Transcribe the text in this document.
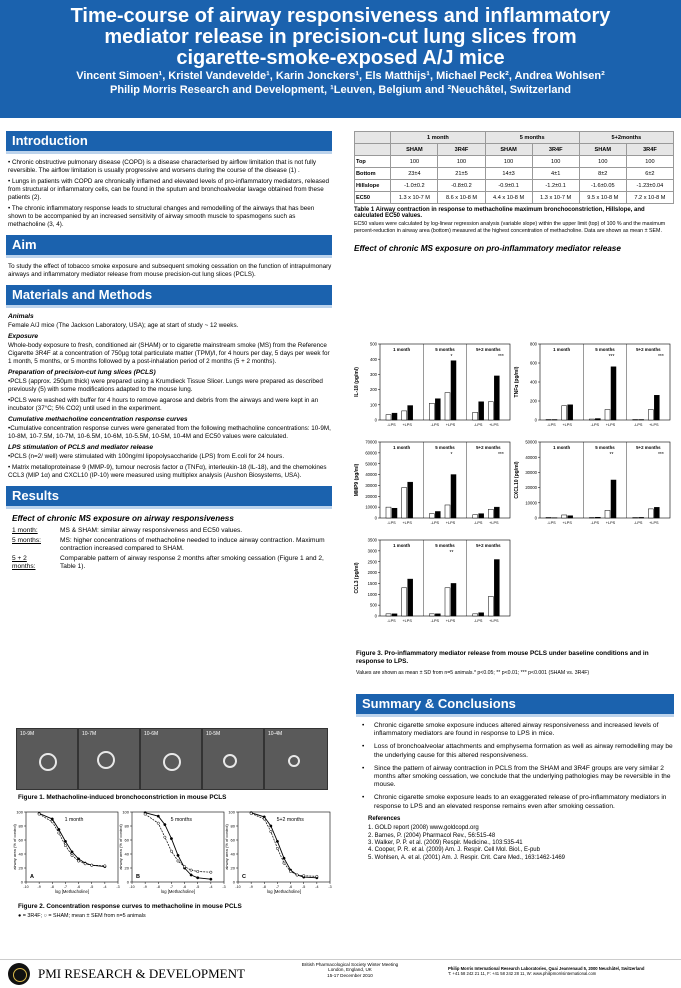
Time-course of airway responsiveness and inflammatory
mediator release in precision-cut lung slices from
cigarette-smoke-exposed A/J mice
Vincent Simoen¹, Kristel Vandevelde¹, Karin Jonckers¹, Els Matthijs¹, Michael Peck², Andrea Wohlsen²
Philip Morris Research and Development, ¹Leuven, Belgium and ²Neuchâtel, Switzerland
Introduction
• Chronic obstructive pulmonary disease (COPD) is a disease characterised by airflow limitation that is not fully reversible. The airflow limitation is usually progressive and worsens during the course of the disease (1) .
• Lungs in patients with COPD are chronically inflamed and elevated levels of pro-inflammatory mediators, released from structural or inflammatory cells, can be found in the sputum and bronchoalveolar lavage obtained from these patients (2).
• The chronic inflammatory response leads to structural changes and remodelling of the airways that has been shown to be accompanied by an increased sensitivity of airway smooth muscle to spasmogens such as methacholine (3, 4).
Aim
To study the effect of tobacco smoke exposure and subsequent smoking cessation on the function of intrapulmonary airways and inflammatory mediator release from mouse precision-cut lung slices (PCLS).
Materials and Methods
Animals
Female A/J mice (The Jackson Laboratory, USA); age at start of study ~ 12 weeks.
Exposure
Whole-body exposure to fresh, conditioned air (SHAM) or to cigarette mainstream smoke (MS) from the Reference Cigarette 3R4F at a concentration of 750µg total particulate matter (TPM)/l, for 4 hours per day, 5 days per week for 1 month, 5 months, or 5 months followed by a post-inhalation period of 2 months (5 + 2 months).
Preparation of precision-cut lung slices (PCLS)
•PCLS (approx. 250µm thick) were prepared using a Krumdieck Tissue Slicer. Lungs were prepared as described previously (5) with some modifications adapted to the mouse lung.
•PCLS were washed with buffer for 4 hours to remove agarose and debris from the airways and were kept in an incubator (37°C; 5% CO2) until used in the experiment.
Cumulative methacholine concentration response curves
•Cumulative concentration response curves were generated from the following methacholine concentrations: 10-9M, 10-8M, 10-7.5M, 10-7M, 10-6.5M, 10-6M, 10-5.5M, 10-5M, 10-4M and EC50 values were calculated.
LPS stimulation of PCLS and mediator release
•PCLS (n=2/ well) were stimulated with 100ng/ml lipopolysaccharide (LPS) from E.coli for 24 hours.
• Matrix metalloproteinase 9 (MMP-9), tumour necrosis factor α (TNFα), interleukin-18 (IL-18), and the chemokines CCL3 (MIP 1α) and CXCL10 (IP-10) were measured using multiplex analysis (Aushon Biosystems, USA).
Results
Effect of chronic MS exposure on airway responsiveness
1 month:	MS & SHAM: similar airway responsiveness and EC50 values.
5 months:	MS: higher concentrations of methacholine needed to induce airway contraction. Maximum contraction increased compared to SHAM.
5 + 2 months:
Comparable pattern of airway response 2 months after smoking cessation (Figure 1 and 2, Table 1).
10-9M	10-7M	10-6M	10-5M	10-4M
Figure 1. Methacholine-induced bronchoconstriction in mouse PCLS
0
20
40
60
80
100
-10 -9	-8	-7	-6	-5	-4	-3
log [Methacholine]
airway area (% of control)
1 month
A
0
20
40
60
80
100
-10 -9	-8	-7	-6	-5	-4	-3
log [Methacholine]
airway area (% of control)
5 months
B
0
20
40
60
80
100
-10 -9	-8	-7	-6	-5	-4	-3
log [Methacholine]
airway area (% of control)
5+2 months
C
Figure 2. Concentration response curves to methacholine in mouse PCLS
● = 3R4F; ○ = SHAM; mean ± SEM from n=5 animals
	1 month		5 months		5+2months	
	SHAM	3R4F	SHAM	3R4F	SHAM	3R4F
Top	100	100	100	100	100	100
Bottom	23±4	21±5	14±3	4±1	8±2	6±2
Hillslope	-1.0±0.2	-0.8±0.2	-0.9±0.1	-1.2±0.1	-1.6±0.05	-1.23±0.04
EC50	1.3 x 10-7 M	8.6 x 10-8 M	4.4 x 10-8 M	1.3 x 10-7 M	9.5 x 10-8 M	7.2 x 10-8 M
Table 1 Airway contraction in response to methacholine maximum bronchoconstriction, Hillslope, and calculated EC50 values.
EC50 values were calculated by log-linear regression analysis (variable slope) within the upper limit (top) of 100 % and the maximum percent-reduction in airway area (bottom) measured at the highest concentration of methacholine. Data are shown as mean ± SEM.
Effect of chronic MS exposure on pro-inflammatory mediator release
0
100
200
300
400
500
IL-18 (pg/ml)
1 month
-LPS +LPS
5 months
-LPS +LPS
5+2 months
-LPS +LPS
*	***
0
200
400
600
800
TNFα (pg/ml)
1 month
-LPS +LPS
5 months
-LPS +LPS
5+2 months
-LPS +LPS
***	***
0
10000
20000
30000
40000
50000
60000
70000
MMP9 (pg/ml)
1 month
-LPS +LPS
5 months
-LPS +LPS
5+2 months
-LPS +LPS
*	***
0
10000
20000
30000
40000
50000
CXCL10 (pg/ml)
1 month
-LPS +LPS
5 months
-LPS +LPS
5+2 months
-LPS +LPS
**	***
0
500
1000
1500
2000
2500
3000
3500
CCL3 (pg/ml)
1 month
-LPS +LPS
5 months
-LPS +LPS
5+2 months
-LPS +LPS
**
Figure 3. Pro-inflammatory mediator release from mouse PCLS under baseline conditions and in response to LPS.
Values are shown as mean ± SD from n=5 animals.* p<0.05; ** p<0.01; *** p<0.001 (SHAM vs. 3R4F)
Summary & Conclusions
• Chronic cigarette smoke exposure induces altered airway responsiveness and increased levels of inflammatory mediators are found in response to LPS in mice.
• Loss of bronchoalveolar attachments and emphysema formation as well as airway remodelling may be the underlying cause for this altered responsiveness.
• Since the pattern of airway contraction in PCLS from the SHAM and 3R4F groups are very similar 2 months after smoking cessation, we conclude that the underlying pathologies may be reversible in the mouse.
• Chronic cigarette smoke exposure leads to an exaggerated release of pro-inflammatory mediators in response to LPS and an elevated response remains even after smoking cessation.
References
1. GOLD report (2008) www.goldcopd.org
2. Barnes, P. (2004) Pharmacol Rev., 56:515-48
3. Walker, P. P. et al. (2009) Respir. Medicine., 103:535-41
4. Cooper, P. R. et al. (2009) Am. J. Respir. Cell Mol. Biol., E-pub
5. Wohlsen, A. et al. (2001) Am. J. Respir. Crit. Care Med., 163:1462-1469
PMI RESEARCH & DEVELOPMENT
British Pharmacological Society Winter Meeting
London, England, UK
15-17 December 2010
Philip Morris International Research Laboratories, Quai Jeanrenaud 5, 2000 Neuchâtel, Switzerland
T: +41 58 242 21 11, F: +41 58 242 28 11, W: www.philipmorrisinternational.com
